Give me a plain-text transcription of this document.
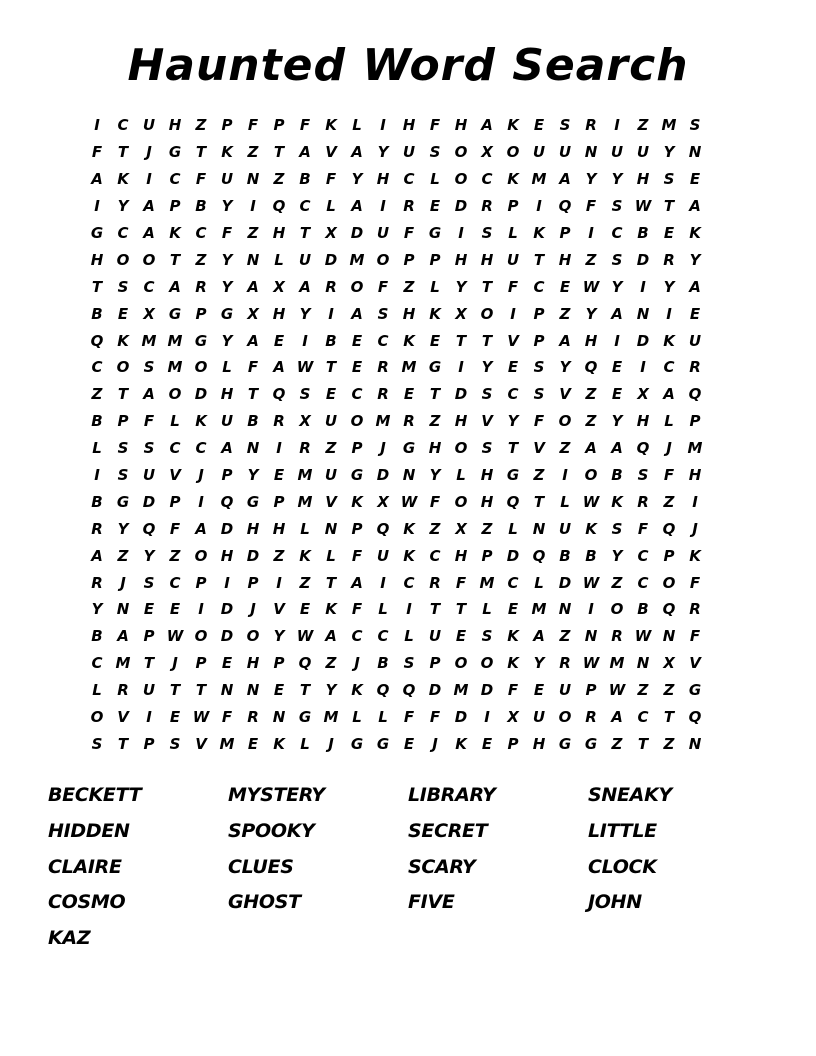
Haunted Word Search
I	C U H Z	P	F	P	F	K	L	I	H F H A K	E	S R	I	Z M S
F	T	J	G T	K Z	T	A V A Y U S O X O U U N U U Y N
A K	I	C	F U N Z B	F	Y H C	L O C K M A Y	Y H S	E
I	Y A P B Y	I	Q C	L	A	I	R	E D R P	I	Q F	S W T	A
G C A K C	F	Z H T	X D U F G	I	S	L	K P	I	C B	E	K
H O O T	Z	Y N L	U D M O P	P H H U T H Z	S D R Y
T	S	C A R Y A X A R O F	Z	L	Y	T	F	C	E W Y	I	Y A
B	E	X G P G X H Y	I	A S H K X O	I	P	Z	Y A N	I	E
Q K M M G Y A	E	I	B	E	C K	E	T	T	V P A H	I	D K U
C O S M O L	F	A W T	E	R M G	I	Y	E	S	Y Q E	I	C R
Z	T	A O D H T Q S	E	C R	E	T D S	C	S V Z	E	X A Q
B P	F	L	K U B R X U O M R Z H V Y	F O Z	Y H L	P
L	S	S	C C A N	I	R Z	P	J	G H O S	T	V Z A A Q	J	M
I	S U V	J	P	Y	E M U G D N Y	L H G Z	I	O B S	F H
B G D P	I	Q G P M V K X W F O H Q T	L W K R Z	I
R Y Q F	A D H H L N P Q K Z X Z	L N U K S	F Q	J
A Z	Y	Z O H D Z K	L	F U K C H P D Q B B Y	C	P K
R	J	S	C	P	I	P	I	Z	T	A	I	C R	F M C	L D W Z	C O F
Y N E	E	I	D	J	V	E	K	F	L	I	T	T	L	E M N	I	O B Q R
B A P W O D O Y W A C C	L	U E	S K A Z N R W N F
C M T	J	P	E H P Q Z	J	B S	P O O K Y R W M N X V
L	R U T	T N N E	T	Y K Q Q D M D F	E U P W Z	Z G
O V	I	E W F	R N G M L	L	F	F D	I	X U O R A C	T Q
S	T	P	S V M E	K	L	J	G G E	J	K	E	P H G G Z	T	Z N
BECKETT	MYSTERY	LIBRARY	SNEAKY
HIDDEN	SPOOKY	SECRET	LITTLE
CLAIRE	CLUES	SCARY	CLOCK
COSMO	GHOST	FIVE	JOHN
KAZ
